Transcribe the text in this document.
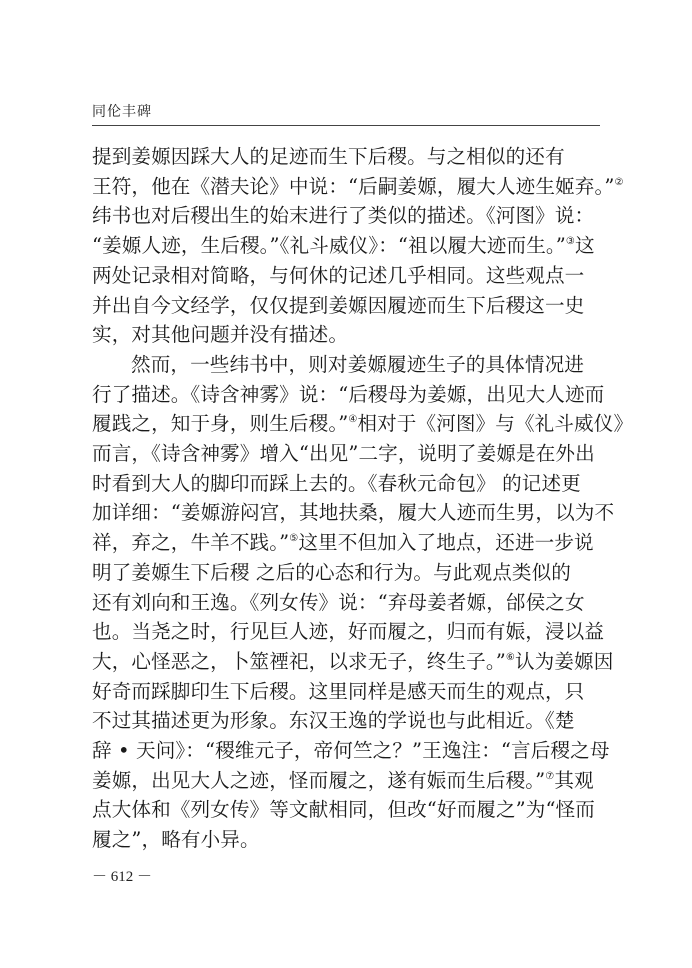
同伦丰碑

提到姜嫄因踩大人的足迹而生下后稷。与之相似的还有
王符，他在《潜夫论》中说：“后嗣姜嫄，履大人迹生姬弃。”②
纬书也对后稷出生的始末进行了类似的描述。《河图》说：
“姜嫄人迹，生后稷。”《礼斗威仪》：“祖以履大迹而生。”③这
两处记录相对简略，与何休的记述几乎相同。这些观点一
并出自今文经学，仅仅提到姜嫄因履迹而生下后稷这一史
实，对其他问题并没有描述。

然而，一些纬书中，则对姜嫄履迹生子的具体情况进
行了描述。《诗含神雾》说：“后稷母为姜嫄，出见大人迹而
履践之，知于身，则生后稷。”④相对于《河图》与《礼斗威仪》
而言，《诗含神雾》增入“出见”二字，说明了姜嫄是在外出
时看到大人的脚印而踩上去的。《春秋元命包》 的记述更
加详细：“姜嫄游闷宫，其地扶桑，履大人迹而生男，以为不
祥，弃之，牛羊不践。”⑤这里不但加入了地点，还进一步说
明了姜嫄生下后稷 之后的心态和行为。与此观点类似的
还有刘向和王逸。《列女传》说：“弃母姜者嫄，邰侯之女
也。当尧之时，行见巨人迹，好而履之，归而有娠，浸以益
大，心怪恶之，卜筮禋祀，以求无子，终生子。”⑥认为姜嫄因
好奇而踩脚印生下后稷。这里同样是感天而生的观点，只
不过其描述更为形象。东汉王逸的学说也与此相近。《楚
辞 • 天问》：“稷维元子，帝何竺之？”王逸注：“言后稷之母
姜嫄，出见大人之迹，怪而履之，遂有娠而生后稷。”⑦其观
点大体和《列女传》等文献相同，但改“好而履之”为“怪而
履之”，略有小异。

－ 612 －
